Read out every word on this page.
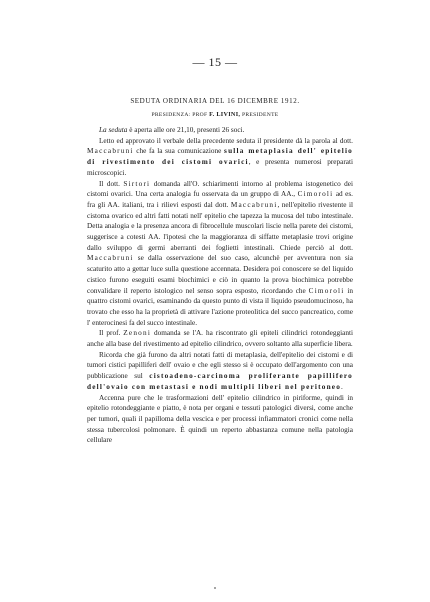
— 15 —
SEDUTA ORDINARIA DEL 16 DICEMBRE 1912.
PRESIDENZA: PROF F. LIVINI, PRESIDENTE

La seduta è aperta alle ore 21,10, presenti 26 soci.

Letto ed approvato il verbale della precedente seduta il presidente dà la parola al dott. Maccabruni che fa la sua comunicazione sulla metaplasia dell' epitelio di rivestimento dei cistomi ovarici, e presenta numerosi preparati microscopici.

Il dott. Sirtori domanda all'O. schiarimenti intorno al problema istogenetico dei cistomi ovarici. Una certa analogia fu osservata da un gruppo di AA., Cimoroli ad es. fra gli AA. italiani, tra i rilievi esposti dal dott. Maccabruni, nell'epitelio rivestente il cistoma ovarico ed altri fatti notati nell' epitelio che tapezza la mucosa del tubo intestinale. Detta analogia e la presenza ancora di fibrocellule muscolari liscie nella parete dei cistomi, suggerisce a cotesti AA. l'ipotesi che la maggioranza di siffatte metaplasie trovi origine dallo sviluppo di germi aberranti dei foglietti intestinali. Chiede perciò al dott. Maccabruni se dalla osservazione del suo caso, alcunchè per avventura non sia scaturito atto a gettar luce sulla questione accennata. Desidera poi conoscere se del liquido cistico furono eseguiti esami biochimici e ciò in quanto la prova biochimica potrebbe convalidare il reperto istologico nel senso sopra esposto, ricordando che Cimoroli in quattro cistomi ovarici, esaminando da questo punto di vista il liquido pseudomucinoso, ha trovato che esso ha la proprietà di attivare l'azione proteolitica del succo pancreatico, come l' enterocinesi fa del succo intestinale.

Il prof. Zenoni domanda se l'A. ha riscontrato gli epiteli cilindrici rotondeggianti anche alla base del rivestimento ad epitelio cilindrico, ovvero soltanto alla superficie libera.

Ricorda che già furono da altri notati fatti di metaplasia, dell'epitelio dei cistomi e di tumori cistici papilliferi dell' ovaio e che egli stesso si è occupato dell'argomento con una pubblicazione sul cistoadeno-carcinoma proliferante papillifero dell'ovaio con metastasi e nodi multipli liberi nel peritoneo.

Accenna pure che le trasformazioni dell' epitelio cilindrico in piriforme, quindi in epitelio rotondeggiante e piatto, è nota per organi e tessuti patologici diversi, come anche per tumori, quali il papilloma della vescica e per processi infiammatori cronici come nella stessa tubercolosi polmonare. È quindi un reperto abbastanza comune nella patologia cellulare
